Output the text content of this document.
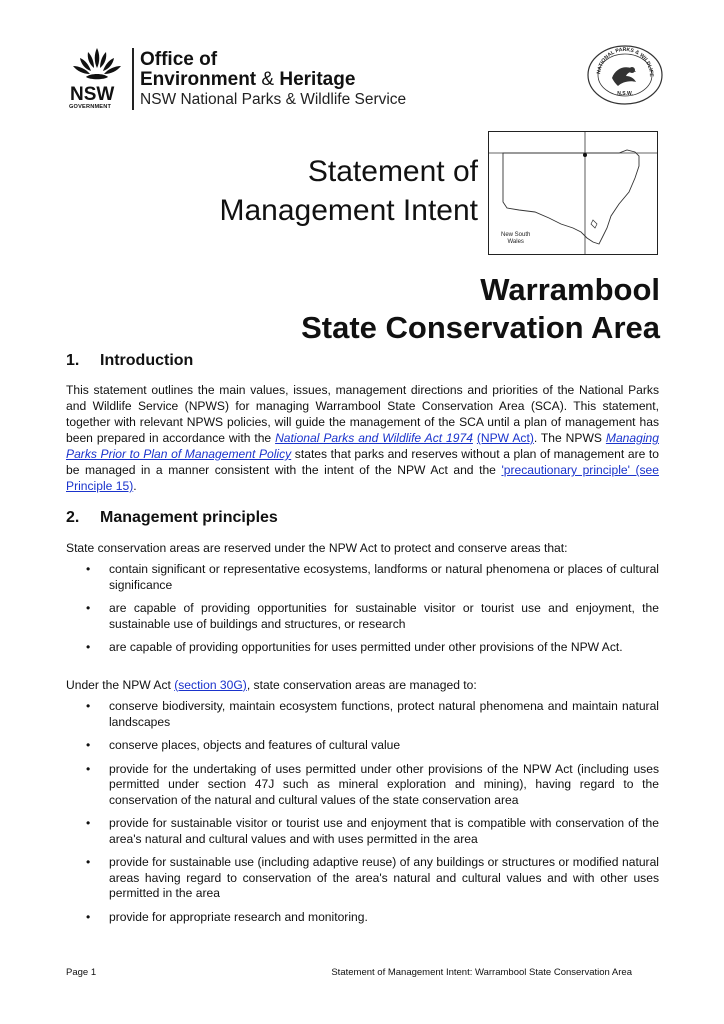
NSW
GOVERNMENT
Office of
Environment & Heritage
NSW National Parks & Wildlife Service
NATIONAL PARKS & WILDLIFE
N.S.W.
Statement of
Management Intent
New South
Wales
Warrambool
State Conservation Area
1. Introduction
This statement outlines the main values, issues, management directions and priorities of the National Parks and Wildlife Service (NPWS) for managing Warrambool State Conservation Area (SCA). This statement, together with relevant NPWS policies, will guide the management of the SCA until a plan of management has been prepared in accordance with the National Parks and Wildlife Act 1974 (NPW Act). The NPWS Managing Parks Prior to Plan of Management Policy states that parks and reserves without a plan of management are to be managed in a manner consistent with the intent of the NPW Act and the 'precautionary principle' (see Principle 15).
2. Management principles
State conservation areas are reserved under the NPW Act to protect and conserve areas that:
• contain significant or representative ecosystems, landforms or natural phenomena or places of cultural significance
• are capable of providing opportunities for sustainable visitor or tourist use and enjoyment, the sustainable use of buildings and structures, or research
• are capable of providing opportunities for uses permitted under other provisions of the NPW Act.
Under the NPW Act (section 30G), state conservation areas are managed to:
• conserve biodiversity, maintain ecosystem functions, protect natural phenomena and maintain natural landscapes
• conserve places, objects and features of cultural value
• provide for the undertaking of uses permitted under other provisions of the NPW Act (including uses permitted under section 47J such as mineral exploration and mining), having regard to the conservation of the natural and cultural values of the state conservation area
• provide for sustainable visitor or tourist use and enjoyment that is compatible with conservation of the area's natural and cultural values and with uses permitted in the area
• provide for sustainable use (including adaptive reuse) of any buildings or structures or modified natural areas having regard to conservation of the area's natural and cultural values and with other uses permitted in the area
• provide for appropriate research and monitoring.
Page 1	Statement of Management Intent: Warrambool State Conservation Area
